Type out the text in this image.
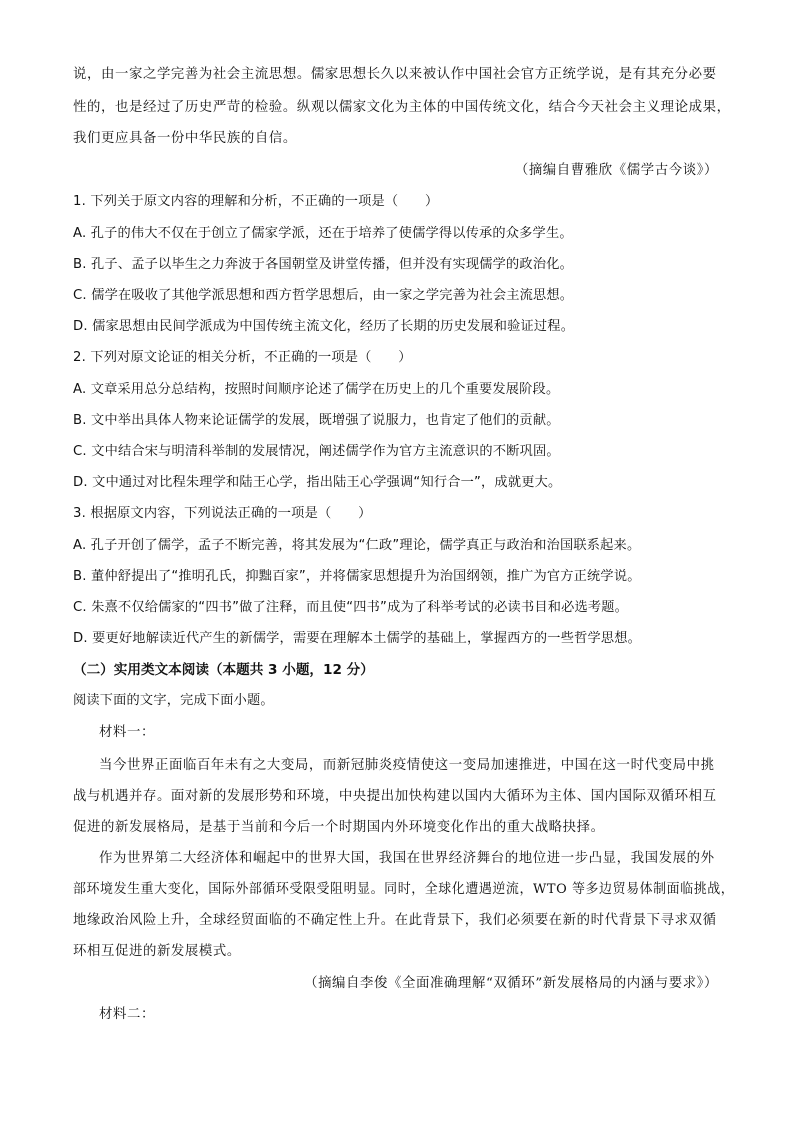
说，由一家之学完善为社会主流思想。儒家思想长久以来被认作中国社会官方正统学说，是有其充分必要
性的，也是经过了历史严苛的检验。纵观以儒家文化为主体的中国传统文化，结合今天社会主义理论成果，
我们更应具备一份中华民族的自信。
（摘编自曹雅欣《儒学古今谈》）
1. 下列关于原文内容的理解和分析，不正确的一项是（　　）
A. 孔子的伟大不仅在于创立了儒家学派，还在于培养了使儒学得以传承的众多学生。
B. 孔子、孟子以毕生之力奔波于各国朝堂及讲堂传播，但并没有实现儒学的政治化。
C. 儒学在吸收了其他学派思想和西方哲学思想后，由一家之学完善为社会主流思想。
D. 儒家思想由民间学派成为中国传统主流文化，经历了长期的历史发展和验证过程。
2. 下列对原文论证的相关分析，不正确的一项是（　　）
A. 文章采用总分总结构，按照时间顺序论述了儒学在历史上的几个重要发展阶段。
B. 文中举出具体人物来论证儒学的发展，既增强了说服力，也肯定了他们的贡献。
C. 文中结合宋与明清科举制的发展情况，阐述儒学作为官方主流意识的不断巩固。
D. 文中通过对比程朱理学和陆王心学，指出陆王心学强调“知行合一”，成就更大。
3. 根据原文内容，下列说法正确的一项是（　　）
A. 孔子开创了儒学，孟子不断完善，将其发展为“仁政”理论，儒学真正与政治和治国联系起来。
B. 董仲舒提出了“推明孔氏，抑黜百家”，并将儒家思想提升为治国纲领，推广为官方正统学说。
C. 朱熹不仅给儒家的“四书”做了注释，而且使“四书”成为了科举考试的必读书目和必选考题。
D. 要更好地解读近代产生的新儒学，需要在理解本土儒学的基础上，掌握西方的一些哲学思想。
（二）实用类文本阅读（本题共 3 小题，12 分）
阅读下面的文字，完成下面小题。
材料一：
当今世界正面临百年未有之大变局，而新冠肺炎疫情使这一变局加速推进，中国在这一时代变局中挑
战与机遇并存。面对新的发展形势和环境，中央提出加快构建以国内大循环为主体、国内国际双循环相互
促进的新发展格局，是基于当前和今后一个时期国内外环境变化作出的重大战略抉择。
作为世界第二大经济体和崛起中的世界大国，我国在世界经济舞台的地位进一步凸显，我国发展的外
部环境发生重大变化，国际外部循环受限受阻明显。同时，全球化遭遇逆流，WTO 等多边贸易体制面临挑战，
地缘政治风险上升，全球经贸面临的不确定性上升。在此背景下，我们必须要在新的时代背景下寻求双循
环相互促进的新发展模式。
（摘编自李俊《全面准确理解“双循环”新发展格局的内涵与要求》）
材料二：
